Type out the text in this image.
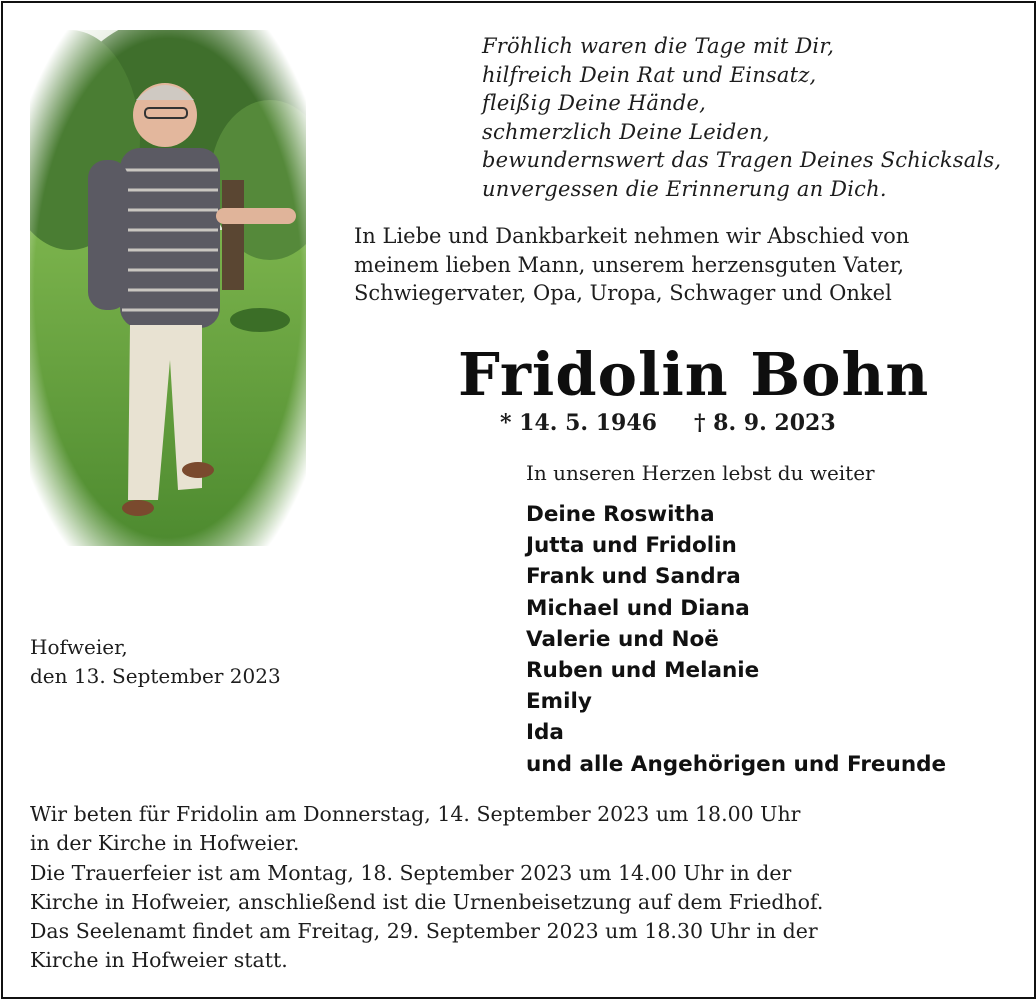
Fröhlich waren die Tage mit Dir,
hilfreich Dein Rat und Einsatz,
fleißig Deine Hände,
schmerzlich Deine Leiden,
bewundernswert das Tragen Deines Schicksals,
unvergessen die Erinnerung an Dich.
In Liebe und Dankbarkeit nehmen wir Abschied von
meinem lieben Mann, unserem herzensguten Vater,
Schwiegervater, Opa, Uropa, Schwager und Onkel
Fridolin Bohn
* 14. 5. 1946 † 8. 9. 2023
In unseren Herzen lebst du weiter
Deine Roswitha
Jutta und Fridolin
Frank und Sandra
Michael und Diana
Valerie und Noë
Ruben und Melanie
Emily
Ida
und alle Angehörigen und Freunde
Hofweier,
den 13. September 2023
Wir beten für Fridolin am Donnerstag, 14. September 2023 um 18.00 Uhr
in der Kirche in Hofweier.
Die Trauerfeier ist am Montag, 18. September 2023 um 14.00 Uhr in der
Kirche in Hofweier, anschließend ist die Urnenbeisetzung auf dem Friedhof.
Das Seelenamt findet am Freitag, 29. September 2023 um 18.30 Uhr in der
Kirche in Hofweier statt.
